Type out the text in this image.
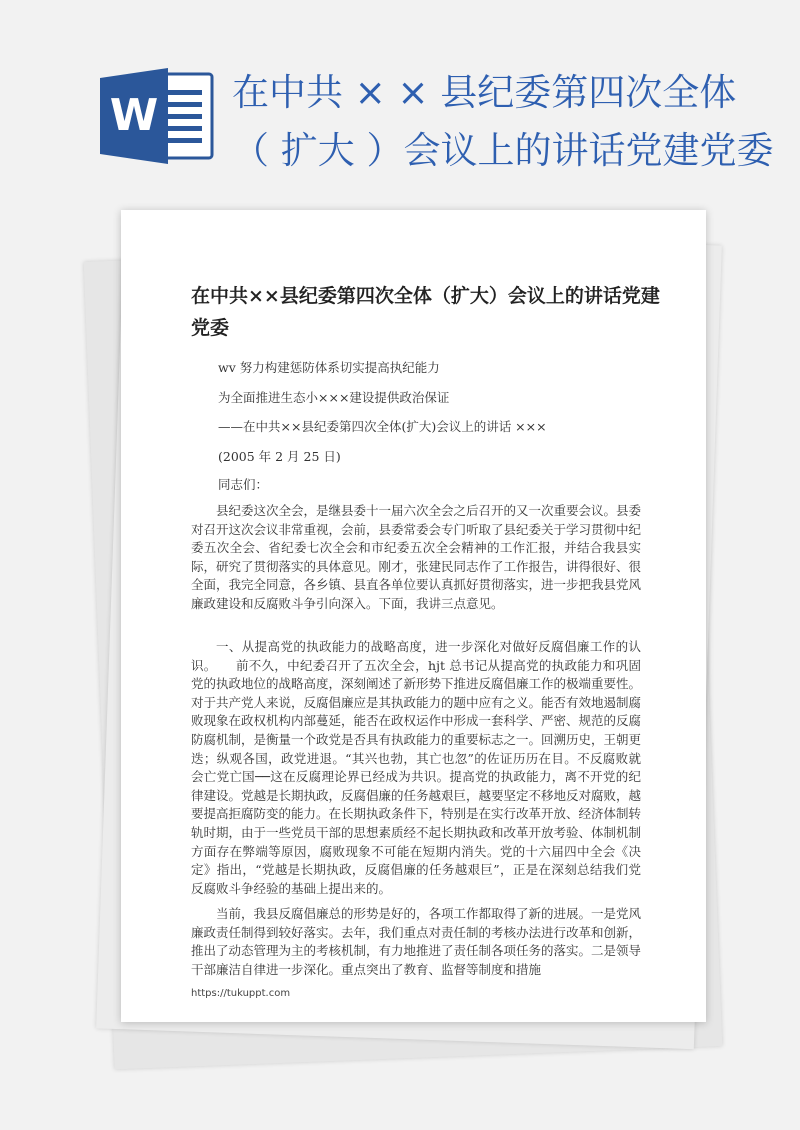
W 在中共 × × 县纪委第四次全体
（ 扩大 ）会议上的讲话党建党委
在中共××县纪委第四次全体（扩大）会议上的讲话党建党委

wv 努力构建惩防体系切实提高执纪能力

为全面推进生态小×××建设提供政治保证

——在中共××县纪委第四次全体(扩大)会议上的讲话 ×××

(2005 年 2 月 25 日)

同志们：

县纪委这次全会，是继县委十一届六次全会之后召开的又一次重要会议。县委对召开这次会议非常重视，会前，县委常委会专门听取了县纪委关于学习贯彻中纪委五次全会、省纪委七次全会和市纪委五次全会精神的工作汇报，并结合我县实际，研究了贯彻落实的具体意见。刚才，张建民同志作了工作报告，讲得很好、很全面，我完全同意，各乡镇、县直各单位要认真抓好贯彻落实，进一步把我县党风廉政建设和反腐败斗争引向深入。下面，我讲三点意见。

一、从提高党的执政能力的战略高度，进一步深化对做好反腐倡廉工作的认识。　　前不久，中纪委召开了五次全会，hjt 总书记从提高党的执政能力和巩固党的执政地位的战略高度，深刻阐述了新形势下推进反腐倡廉工作的极端重要性。对于共产党人来说，反腐倡廉应是其执政能力的题中应有之义。能否有效地遏制腐败现象在政权机构内部蔓延，能否在政权运作中形成一套科学、严密、规范的反腐防腐机制，是衡量一个政党是否具有执政能力的重要标志之一。回溯历史，王朝更迭；纵观各国，政党进退。“其兴也勃，其亡也忽”的佐证历历在目。不反腐败就会亡党亡国──这在反腐理论界已经成为共识。提高党的执政能力，离不开党的纪律建设。党越是长期执政，反腐倡廉的任务越艰巨，越要坚定不移地反对腐败，越要提高拒腐防变的能力。在长期执政条件下，特别是在实行改革开放、经济体制转轨时期，由于一些党员干部的思想素质经不起长期执政和改革开放考验、体制机制方面存在弊端等原因，腐败现象不可能在短期内消失。党的十六届四中全会《决定》指出，“党越是长期执政，反腐倡廉的任务越艰巨”，正是在深刻总结我们党反腐败斗争经验的基础上提出来的。

当前，我县反腐倡廉总的形势是好的，各项工作都取得了新的进展。一是党风廉政责任制得到较好落实。去年，我们重点对责任制的考核办法进行改革和创新，推出了动态管理为主的考核机制，有力地推进了责任制各项任务的落实。二是领导干部廉洁自律进一步深化。重点突出了教育、监督等制度和措施

https://tukuppt.com
